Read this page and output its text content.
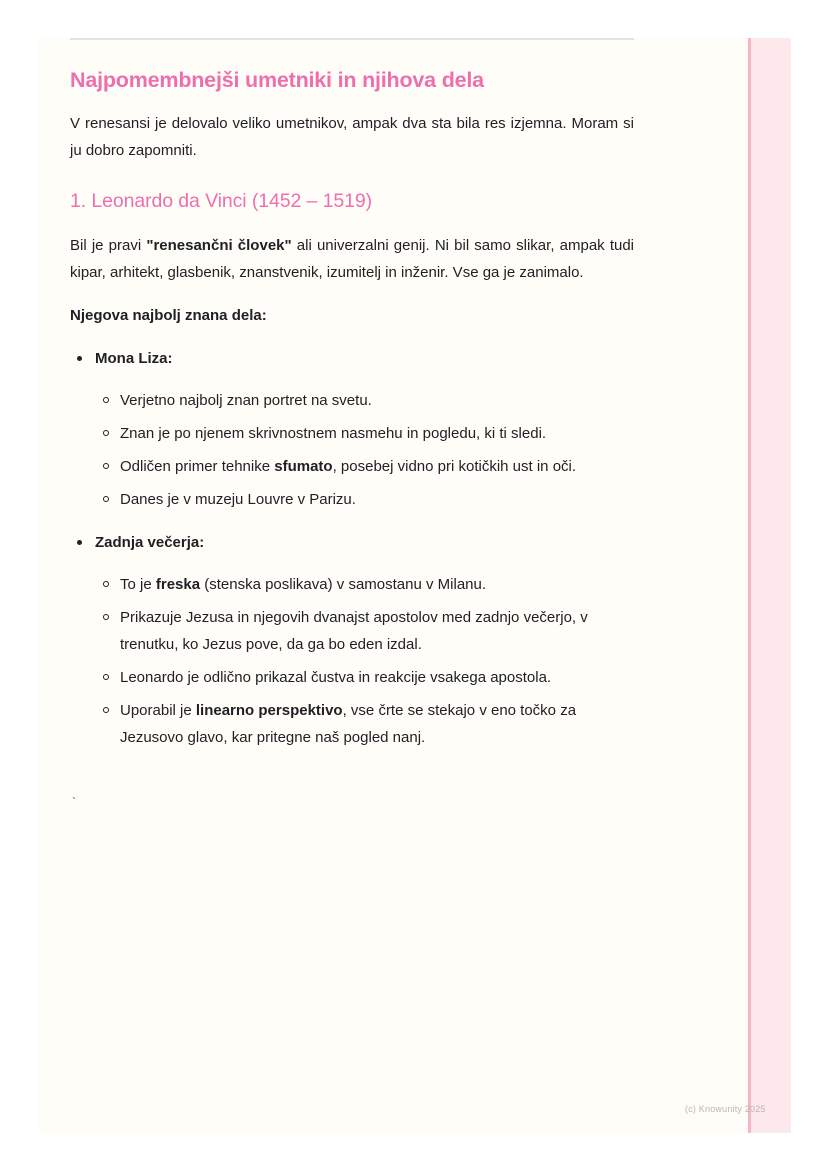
Najpomembnejši umetniki in njihova dela

V renesansi je delovalo veliko umetnikov, ampak dva sta bila res izjemna. Moram si ju dobro zapomniti.

1. Leonardo da Vinci (1452 – 1519)

Bil je pravi "renesančni človek" ali univerzalni genij. Ni bil samo slikar, ampak tudi kipar, arhitekt, glasbenik, znanstvenik, izumitelj in inženir. Vse ga je zanimalo.

Njegova najbolj znana dela:

Mona Liza:
Verjetno najbolj znan portret na svetu.
Znan je po njenem skrivnostnem nasmehu in pogledu, ki ti sledi.
Odličen primer tehnike sfumato, posebej vidno pri kotičkih ust in oči.
Danes je v muzeju Louvre v Parizu.
Zadnja večerja:
To je freska (stenska poslikava) v samostanu v Milanu.
Prikazuje Jezusa in njegovih dvanajst apostolov med zadnjo večerjo, v trenutku, ko Jezus pove, da ga bo eden izdal.
Leonardo je odlično prikazal čustva in reakcije vsakega apostola.
Uporabil je linearno perspektivo, vse črte se stekajo v eno točko za Jezusovo glavo, kar pritegne naš pogled nanj.
`
(c) Knowunity 2025
